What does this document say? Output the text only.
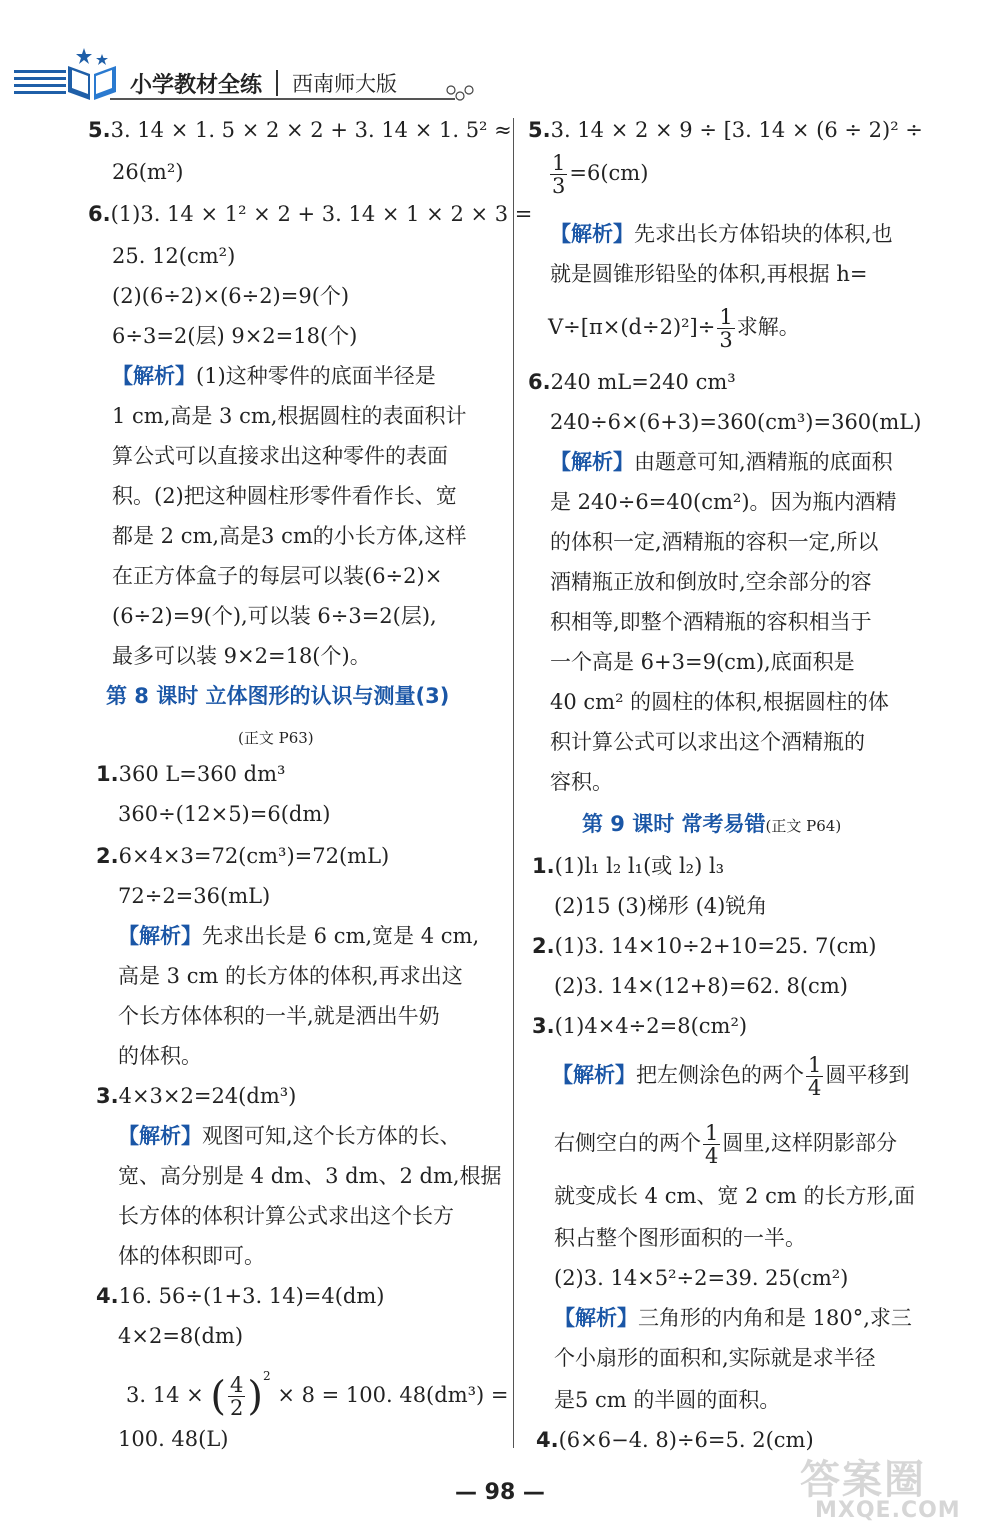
小学教材全练 西南师大版
5.3. 14 × 1. 5 × 2 × 2 + 3. 14 × 1. 5² ≈
26(m²)
6.(1)3. 14 × 1² × 2 + 3. 14 × 1 × 2 × 3 =
25. 12(cm²)
(2)(6÷2)×(6÷2)=9(个)
6÷3=2(层) 9×2=18(个)
【解析】(1)这种零件的底面半径是
1 cm,高是 3 cm,根据圆柱的表面积计
算公式可以直接求出这种零件的表面
积。(2)把这种圆柱形零件看作长、宽
都是 2 cm,高是3 cm的小长方体,这样
在正方体盒子的每层可以装(6÷2)×
(6÷2)=9(个),可以装 6÷3=2(层),
最多可以装 9×2=18(个)。
第 8 课时 立体图形的认识与测量(3)
(正文 P63)
1.360 L=360 dm³
360÷(12×5)=6(dm)
2.6×4×3=72(cm³)=72(mL)
72÷2=36(mL)
【解析】先求出长是 6 cm,宽是 4 cm,
高是 3 cm 的长方体的体积,再求出这
个长方体体积的一半,就是洒出牛奶
的体积。
3.4×3×2=24(dm³)
【解析】观图可知,这个长方体的长、
宽、高分别是 4 dm、3 dm、2 dm,根据
长方体的体积计算公式求出这个长方
体的体积即可。
4.16. 56÷(1+3. 14)=4(dm)
4×2=8(dm)
100. 48(L)
5.3. 14 × 2 × 9 ÷ [3. 14 × (6 ÷ 2)² ÷
【解析】先求出长方体铅块的体积,也
就是圆锥形铅坠的体积,再根据 h=
6.240 mL=240 cm³
240÷6×(6+3)=360(cm³)=360(mL)
【解析】由题意可知,酒精瓶的底面积
是 240÷6=40(cm²)。因为瓶内酒精
的体积一定,酒精瓶的容积一定,所以
酒精瓶正放和倒放时,空余部分的容
积相等,即整个酒精瓶的容积相当于
一个高是 6+3=9(cm),底面积是
40 cm² 的圆柱的体积,根据圆柱的体
积计算公式可以求出这个酒精瓶的
容积。
第 9 课时 常考易错(正文 P64)
1.(1)l₁ l₂ l₁(或 l₂) l₃
(2)15 (3)梯形 (4)锐角
2.(1)3. 14×10÷2+10=25. 7(cm)
(2)3. 14×(12+8)=62. 8(cm)
3.(1)4×4÷2=8(cm²)
就变成长 4 cm、宽 2 cm 的长方形,面
积占整个图形面积的一半。
(2)3. 14×5²÷2=39. 25(cm²)
【解析】三角形的内角和是 180°,求三
个小扇形的面积和,实际就是求半径
是5 cm 的半圆的面积。
4.(6×6−4. 8)÷6=5. 2(cm)
3. 14 × ( $\frac{4}{2} )^2 \times 8 = 100$. 48(dm³) =
$\frac{1}{3} =6(cm)$
$V\div[\pi\times(d\div 2)^2]\div \frac{1}{3}$ 求解。
【解析】把左侧涂色的两个 $\frac{1}{4}$ 圆平移到
右侧空白的两个 $\frac{1}{4}$ 圆里,这样阴影部分
— 98 —	答案圈
MXQE.COM
